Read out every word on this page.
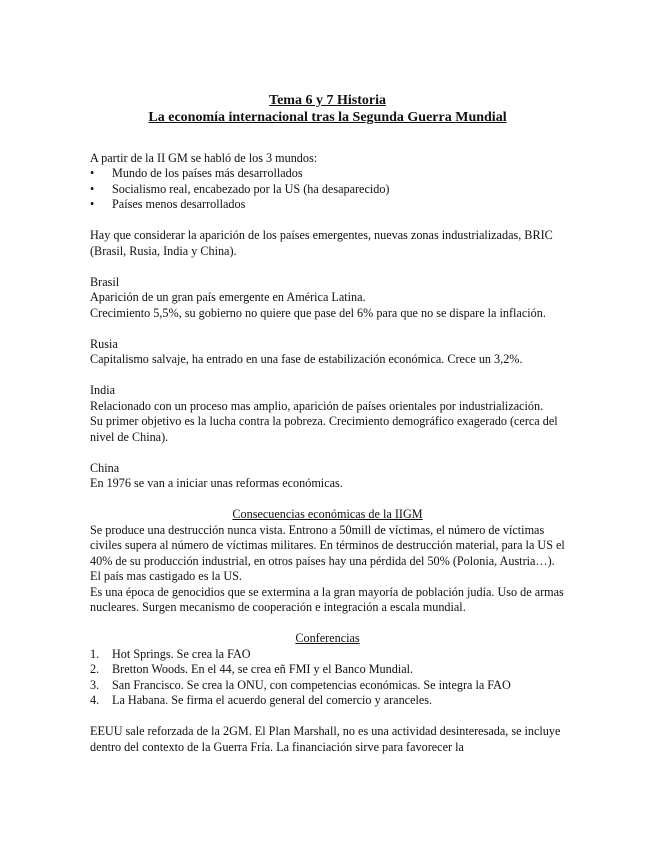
Tema 6 y 7 Historia

La economía internacional tras la Segunda Guerra Mundial

A partir de la II GM se habló de los 3 mundos:

•	Mundo de los países más desarrollados
•	Socialismo real, encabezado por la US (ha desaparecido)
•	Países menos desarrollados

Hay que considerar la aparición de los países emergentes, nuevas zonas industrializadas, BRIC (Brasil, Rusia, India y China).

Brasil

Aparición de un gran país emergente en América Latina.

Crecimiento 5,5%, su gobierno no quiere que pase del 6% para que no se dispare la inflación.

Rusia

Capitalismo salvaje, ha entrado en una fase de estabilización económica. Crece un 3,2%.

India

Relacionado con un proceso mas amplio, aparición de países orientales por industrialización.

Su primer objetivo es la lucha contra la pobreza. Crecimiento demográfico exagerado (cerca del nivel de China).

China

En 1976 se van a iniciar unas reformas económicas.

Consecuencias económicas de la IIGM

Se produce una destrucción nunca vista. Entrono a 50mill de víctimas, el número de víctimas civiles supera al número de víctimas militares. En términos de destrucción material, para la US el 40% de su producción industrial, en otros países hay una pérdida del 50% (Polonia, Austria…). El país mas castigado es la US.

Es una época de genocidios que se extermina a la gran mayoría de población judía. Uso de armas nucleares. Surgen mecanismo de cooperación e integración a escala mundial.

Conferencias

1.	Hot Springs. Se crea la FAO
2.	Bretton Woods. En el 44, se crea eñ FMI y el Banco Mundial.
3.	San Francisco. Se crea la ONU, con competencias económicas. Se integra la FAO
4.	La Habana. Se firma el acuerdo general del comercio y aranceles.

EEUU sale reforzada de la 2GM. El Plan Marshall, no es una actividad desinteresada, se incluye dentro del contexto de la Guerra Fría. La financiación sirve para favorecer la
